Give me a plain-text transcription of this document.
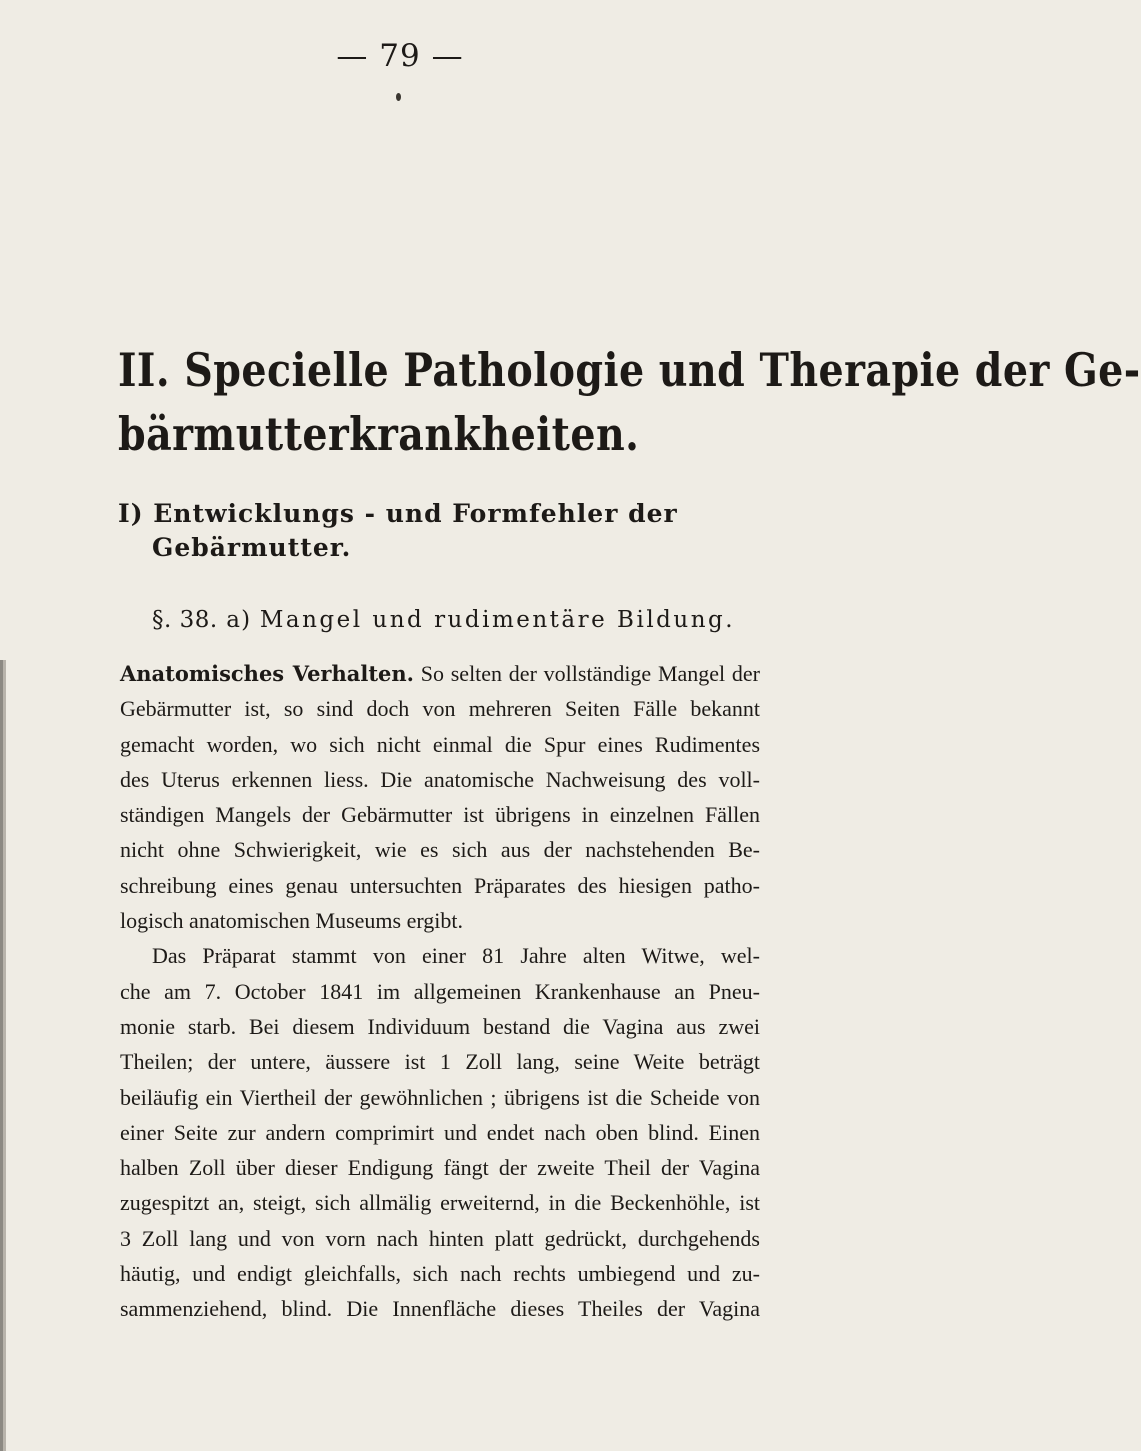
— 79 —
II. Specielle Pathologie und Therapie der Ge-
bärmutterkrankheiten.
I) Entwicklungs - und Formfehler der
Gebärmutter.
§. 38. a) Mangel und rudimentäre Bildung.
Anatomisches Verhalten. So selten der vollständige Mangel der
Gebärmutter ist, so sind doch von mehreren Seiten Fälle bekannt
gemacht worden, wo sich nicht einmal die Spur eines Rudimentes
des Uterus erkennen liess. Die anatomische Nachweisung des voll-
ständigen Mangels der Gebärmutter ist übrigens in einzelnen Fällen
nicht ohne Schwierigkeit, wie es sich aus der nachstehenden Be-
schreibung eines genau untersuchten Präparates des hiesigen patho-
logisch anatomischen Museums ergibt.
Das Präparat stammt von einer 81 Jahre alten Witwe, wel-
che am 7. October 1841 im allgemeinen Krankenhause an Pneu-
monie starb. Bei diesem Individuum bestand die Vagina aus zwei
Theilen; der untere, äussere ist 1 Zoll lang, seine Weite beträgt
beiläufig ein Viertheil der gewöhnlichen ; übrigens ist die Scheide von
einer Seite zur andern comprimirt und endet nach oben blind. Einen
halben Zoll über dieser Endigung fängt der zweite Theil der Vagina
zugespitzt an, steigt, sich allmälig erweiternd, in die Beckenhöhle, ist
3 Zoll lang und von vorn nach hinten platt gedrückt, durchgehends
häutig, und endigt gleichfalls, sich nach rechts umbiegend und zu-
sammenziehend, blind. Die Innenfläche dieses Theiles der Vagina
